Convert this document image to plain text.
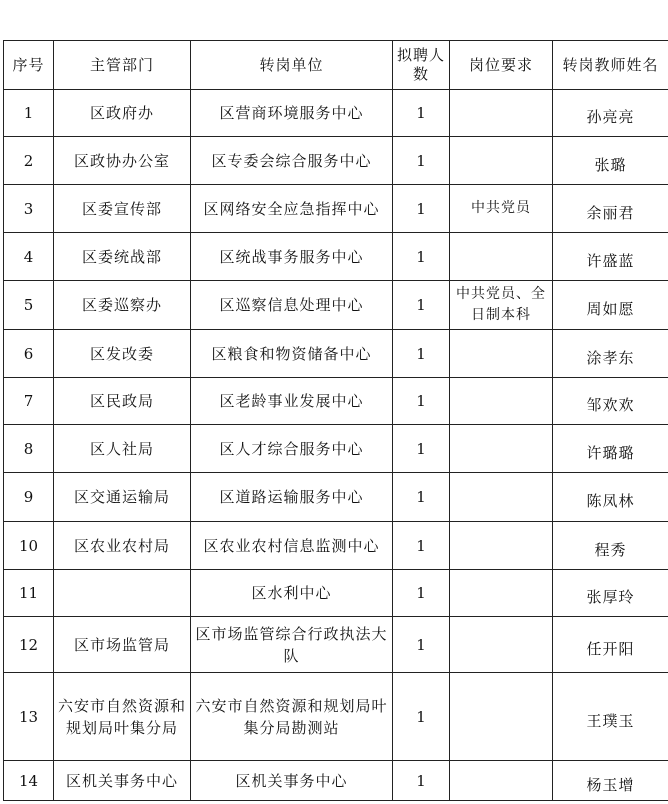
序号	主管部门	转岗单位	拟聘人数	岗位要求	转岗教师姓名
1	区政府办	区营商环境服务中心	1		孙亮亮
2	区政协办公室	区专委会综合服务中心	1		张璐
3	区委宣传部	区网络安全应急指挥中心	1	中共党员	余丽君
4	区委统战部	区统战事务服务中心	1		许盛蓝
5	区委巡察办	区巡察信息处理中心	1	中共党员、全日制本科	周如愿
6	区发改委	区粮食和物资储备中心	1		涂孝东
7	区民政局	区老龄事业发展中心	1		邹欢欢
8	区人社局	区人才综合服务中心	1		许璐璐
9	区交通运输局	区道路运输服务中心	1		陈凤林
10	区农业农村局	区农业农村信息监测中心	1		程秀
11		区水利中心	1		张厚玲
12	区市场监管局	区市场监管综合行政执法大队	1		任开阳
13	六安市自然资源和规划局叶集分局	六安市自然资源和规划局叶集分局勘测站	1		王璞玉
14	区机关事务中心	区机关事务中心	1		杨玉增
